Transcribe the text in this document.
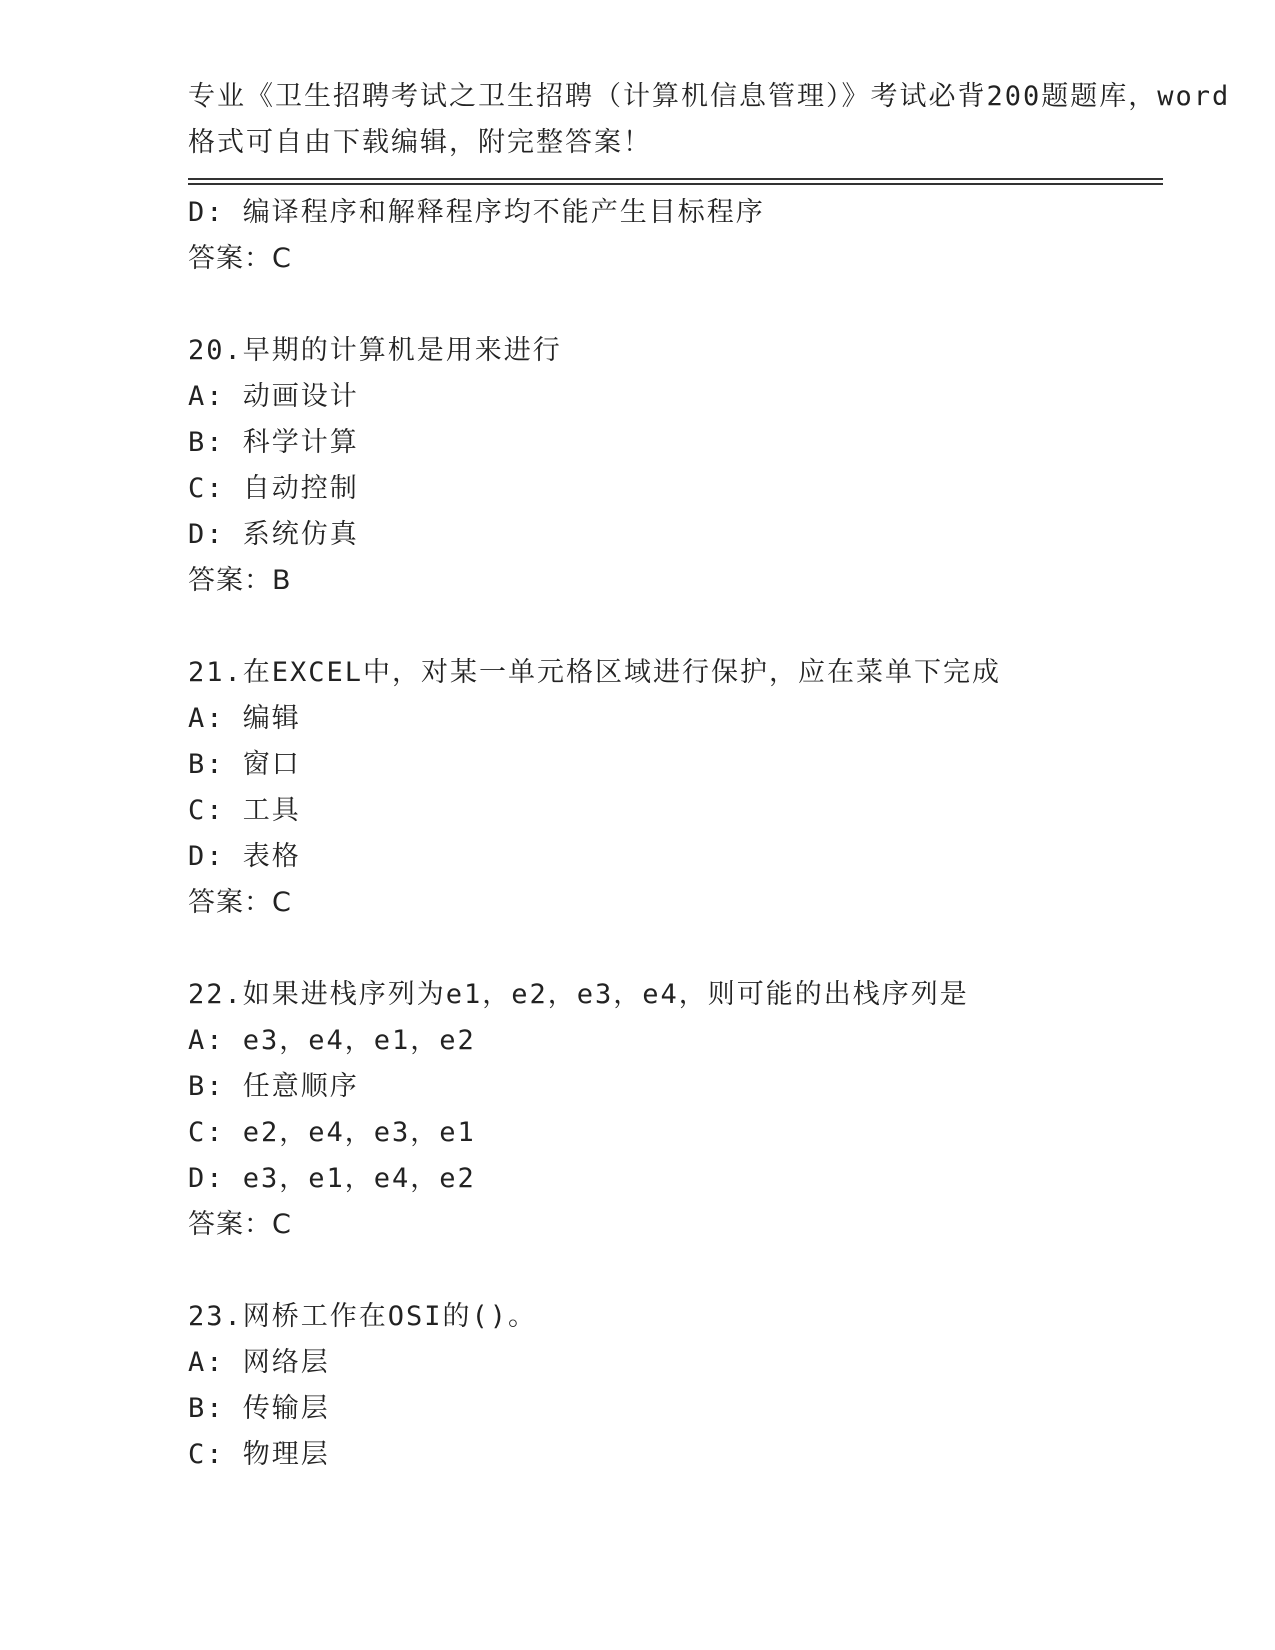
专业《卫生招聘考试之卫生招聘（计算机信息管理）》考试必背200题题库，word
格式可自由下载编辑，附完整答案！
D: 编译程序和解释程序均不能产生目标程序
答案：C
20.早期的计算机是用来进行
A: 动画设计
B: 科学计算
C: 自动控制
D: 系统仿真
答案：B
21.在EXCEL中，对某一单元格区域进行保护，应在菜单下完成
A: 编辑
B: 窗口
C: 工具
D: 表格
答案：C
22.如果进栈序列为e1，e2，e3，e4，则可能的出栈序列是
A: e3，e4，e1，e2
B: 任意顺序
C: e2，e4，e3，e1
D: e3，e1，e4，e2
答案：C
23.网桥工作在OSI的()。
A: 网络层
B: 传输层
C: 物理层
